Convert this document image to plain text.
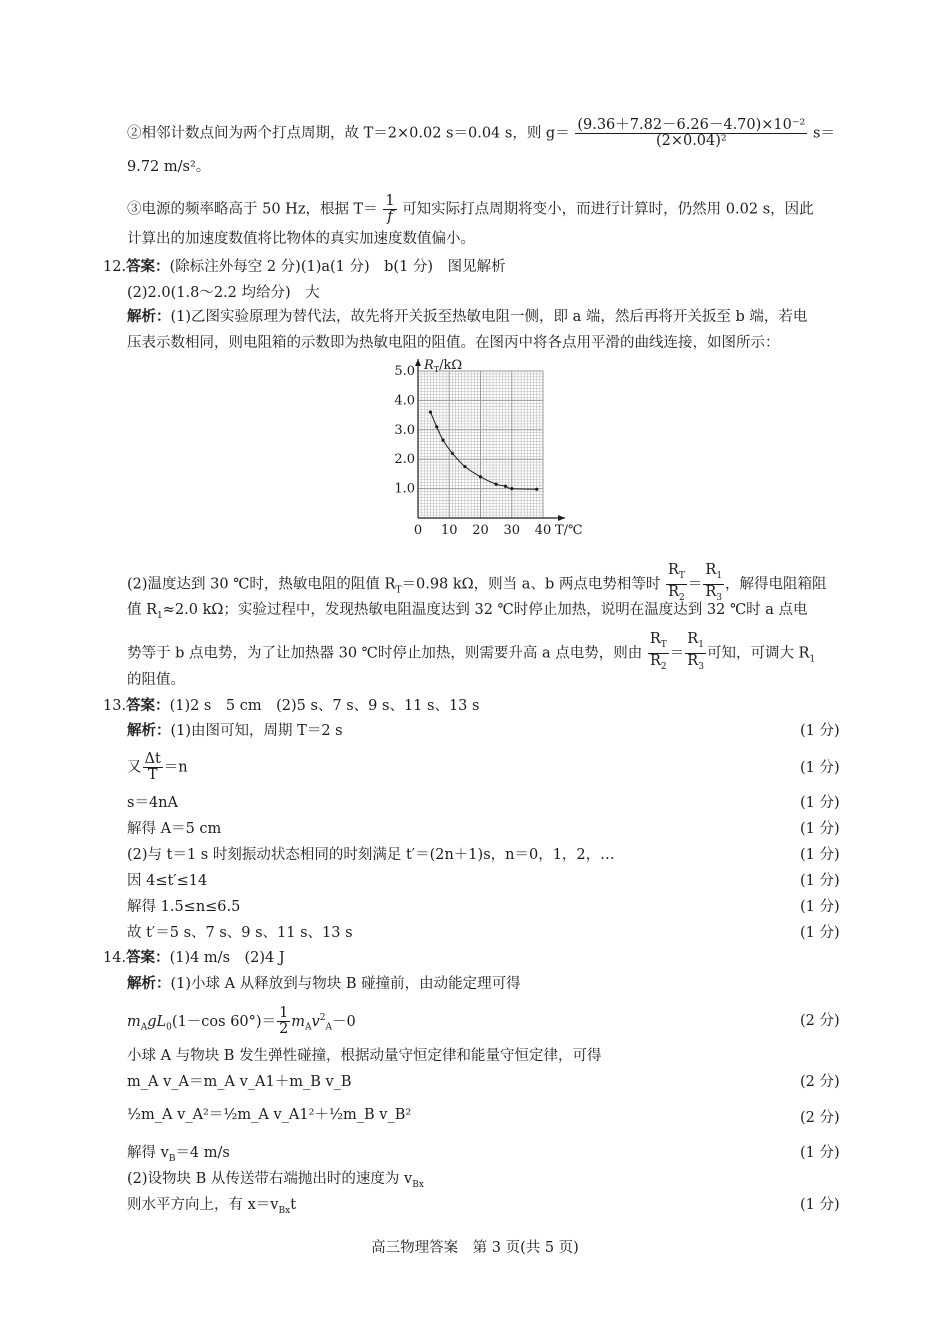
②相邻计数点间为两个打点周期，故 T＝2×0.02 s＝0.04 s，则 $g= \frac{\text{(9.36＋7.82－6.26－4.70)×10⁻²}}{\text{(2×0.04)²}} s=$
9.72 m/s²。
③电源的频率略高于 50 Hz，根据 $T= \frac{1}{f}$ 可知实际打点周期将变小，而进行计算时，仍然用 0.02 s，因此
计算出的加速度数值将比物体的真实加速度数值偏小。
12.答案：(除标注外每空 2 分)(1)a(1 分)　b(1 分)　图见解析
(2)2.0(1.8～2.2 均给分)　大
解析：(1)乙图实验原理为替代法，故先将开关扳至热敏电阻一侧，即 a 端，然后再将开关扳至 b 端，若电
压表示数相同，则电阻箱的示数即为热敏电阻的阻值。在图丙中将各点用平滑的曲线连接，如图所示：
0 10 20 30 40
1.0
2.0
3.0
4.0
5.0 $R_T/k\Omega$
T/℃
(2)温度达到 30 ℃时，热敏电阻的阻值 $R_T=0.98$ kΩ，则当 a、b 两点电势相等时 $\frac{R_T}{R_2} = \frac{R_1}{R_3}$ ，解得电阻箱阻
值 $R_1\approx 2.0$ kΩ；实验过程中，发现热敏电阻温度达到 32 ℃时停止加热，说明在温度达到 32 ℃时 a 点电
势等于 b 点电势，为了让加热器 30 ℃时停止加热，则需要升高 a 点电势，则由 $\frac{R_T}{R_2} = \frac{R_1}{R_3}$ 可知，可调大 $R_1$
的阻值。
13.答案：(1)2 s　5 cm　(2)5 s、7 s、9 s、11 s、13 s
解析：(1)由图可知，周期 T＝2 s	(1 分)
又 $\frac{\Delta t}{T} =n$	(1 分)
s＝4nA	(1 分)
解得 A＝5 cm	(1 分)
(2)与 t＝1 s 时刻振动状态相同的时刻满足 t′＝(2n＋1)s，n＝0，1，2，…	(1 分)
因 4≤t′≤14	(1 分)
解得 1.5≤n≤6.5	(1 分)
故 t′＝5 s、7 s、9 s、11 s、13 s	(1 分)
14.答案：(1)4 m/s　(2)4 J
解析：(1)小球 A 从释放到与物块 B 碰撞前，由动能定理可得
$m_AgL_0(1-\cos$ $60^\circ)= \frac{1}{2} m_Av^2_A-0$	(2 分)
小球 A 与物块 B 发生弹性碰撞，根据动量守恒定律和能量守恒定律，可得
m_A v_A＝m_A v_A1＋m_B v_B	(2 分)
½m_A v_A²＝½m_A v_A1²＋½m_B v_B²	(2 分)
解得 $v_B=4$ m/s	(1 分)
(2)设物块 B 从传送带右端抛出时的速度为 $v_{Bx}$
则水平方向上，有 $x=v_{Bx}t$	(1 分)
高三物理答案　第 3 页(共 5 页)
